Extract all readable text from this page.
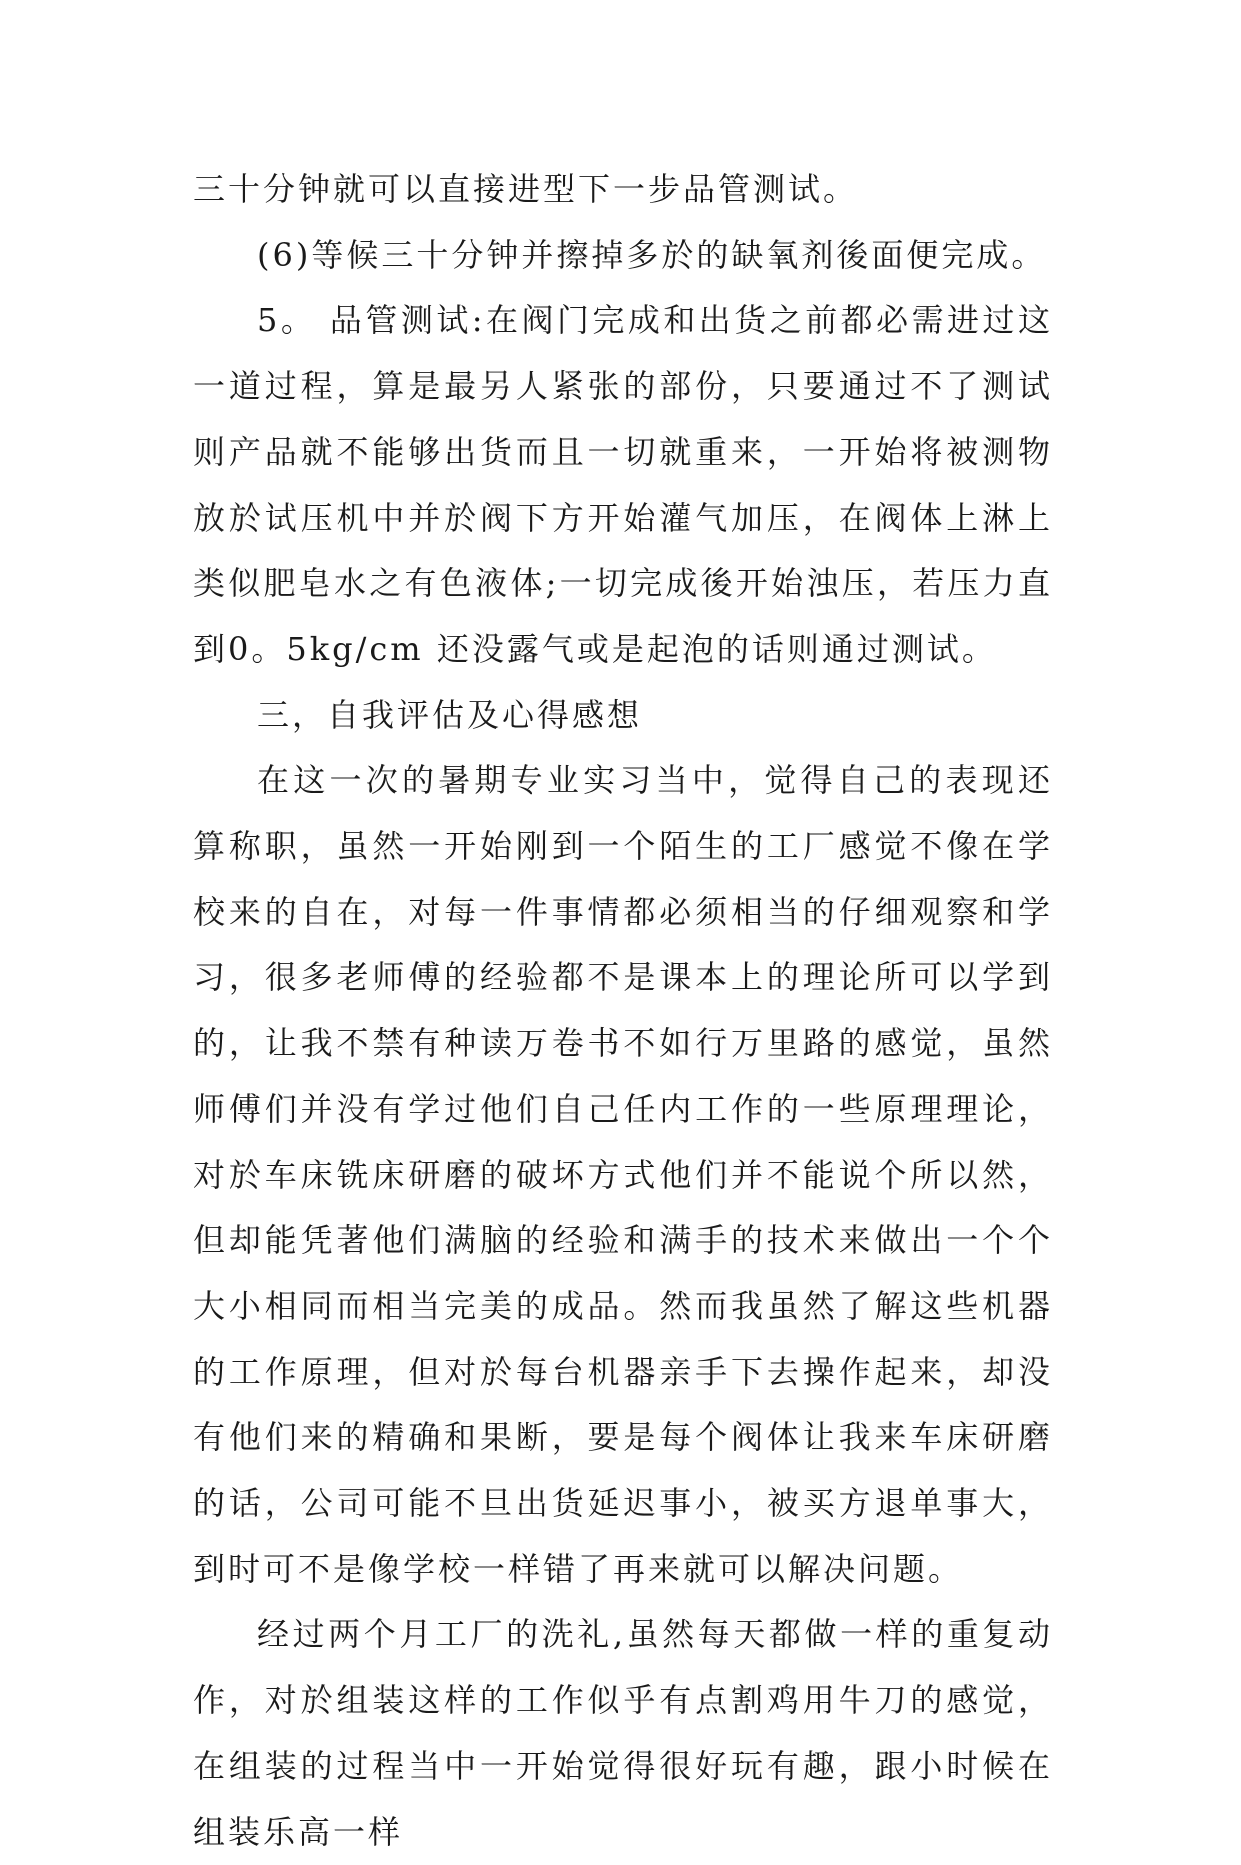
三十分钟就可以直接进型下一步品管测试。

(6)等候三十分钟并擦掉多於的缺氧剂後面便完成。

5。 品管测试:在阀门完成和出货之前都必需进过这一道过程，算是最另人紧张的部份，只要通过不了测试则产品就不能够出货而且一切就重来，一开始将被测物放於试压机中并於阀下方开始灌气加压，在阀体上淋上类似肥皂水之有色液体;一切完成後开始浊压，若压力直到0。5kg/cm 还没露气或是起泡的话则通过测试。

三，自我评估及心得感想

在这一次的暑期专业实习当中，觉得自己的表现还算称职，虽然一开始刚到一个陌生的工厂感觉不像在学校来的自在，对每一件事情都必须相当的仔细观察和学习，很多老师傅的经验都不是课本上的理论所可以学到的，让我不禁有种读万卷书不如行万里路的感觉，虽然师傅们并没有学过他们自己任内工作的一些原理理论，对於车床铣床研磨的破坏方式他们并不能说个所以然，但却能凭著他们满脑的经验和满手的技术来做出一个个大小相同而相当完美的成品。然而我虽然了解这些机器的工作原理，但对於每台机器亲手下去操作起来，却没有他们来的精确和果断，要是每个阀体让我来车床研磨的话，公司可能不旦出货延迟事小，被买方退单事大，到时可不是像学校一样错了再来就可以解决问题。

经过两个月工厂的洗礼,虽然每天都做一样的重复动作，对於组装这样的工作似乎有点割鸡用牛刀的感觉，在组装的过程当中一开始觉得很好玩有趣，跟小时候在组装乐高一样
